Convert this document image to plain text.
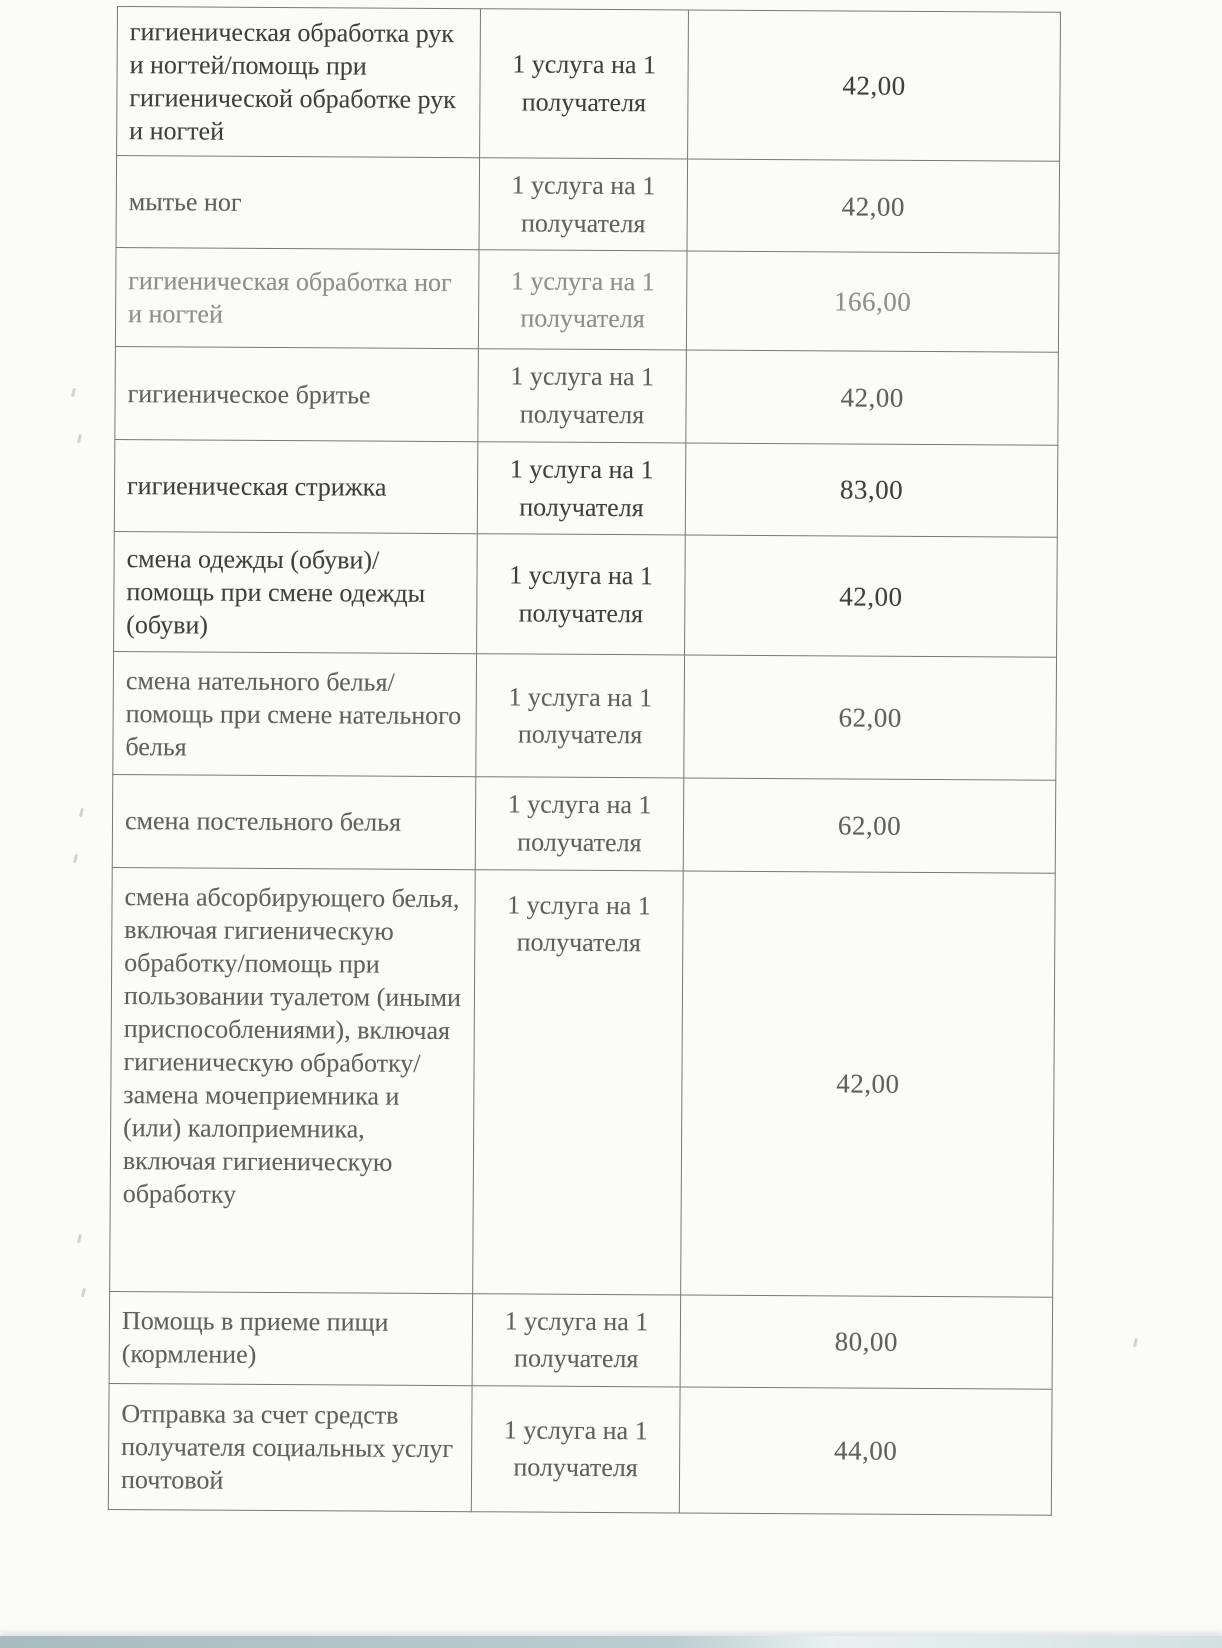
гигиеническая обработка рук и ногтей/помощь при гигиенической обработке рук и ногтей	1 услуга на 1 получателя	42,00
мытье ног	1 услуга на 1 получателя	42,00
гигиеническая обработка ног и ногтей	1 услуга на 1 получателя	166,00
гигиеническое бритье	1 услуга на 1 получателя	42,00
гигиеническая стрижка	1 услуга на 1 получателя	83,00
смена одежды (обуви)/помощь при смене одежды (обуви)	1 услуга на 1 получателя	42,00
смена нательного белья/помощь при смене нательного белья	1 услуга на 1 получателя	62,00
смена постельного белья	1 услуга на 1 получателя	62,00
смена абсорбирующего белья, включая гигиеническую обработку/помощь при пользовании туалетом (иными приспособлениями), включая гигиеническую обработку/замена мочеприемника и (или) калоприемника, включая гигиеническую обработку	1 услуга на 1 получателя	42,00
Помощь в приеме пищи (кормление)	1 услуга на 1 получателя	80,00
Отправка за счет средств получателя социальных услуг почтовой	1 услуга на 1 получателя	44,00
